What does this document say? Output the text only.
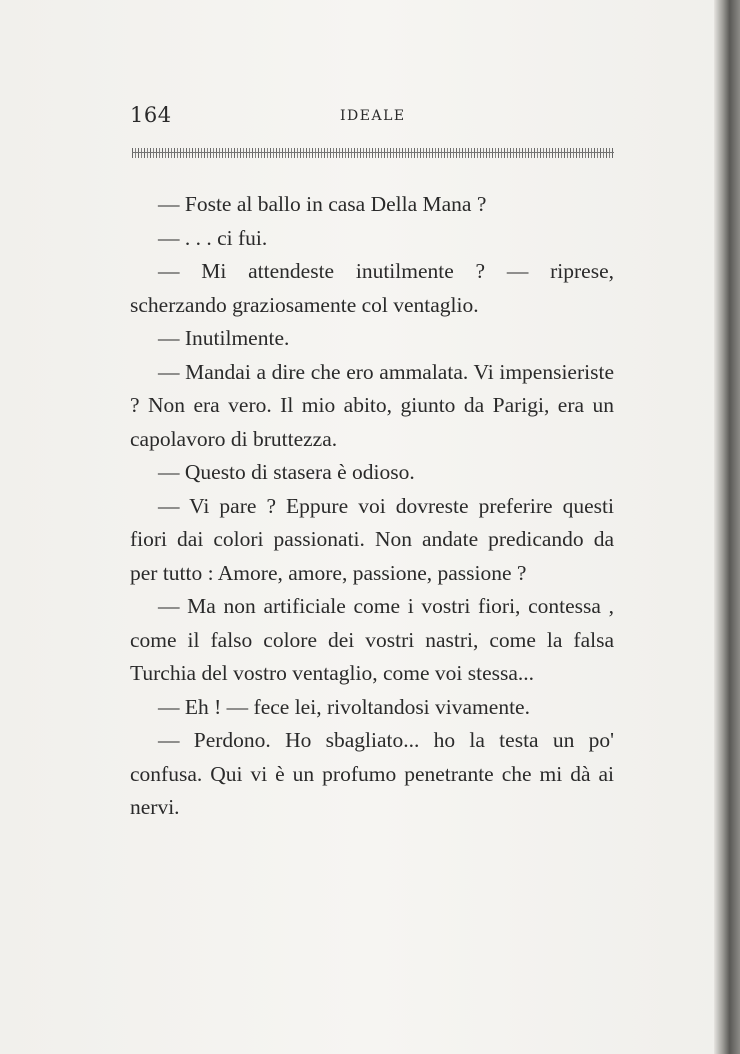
164	IDEALE

— Foste al ballo in casa Della Mana ?

— . . . ci fui.

— Mi attendeste inutilmente ? — riprese, scherzando graziosamente col ventaglio.

— Inutilmente.

— Mandai a dire che ero ammalata. Vi impensieriste ? Non era vero. Il mio abito, giunto da Parigi, era un capolavoro di bruttezza.

— Questo di stasera è odioso.

— Vi pare ? Eppure voi dovreste preferire questi fiori dai colori passionati. Non andate predicando da per tutto : Amore, amore, passione, passione ?

— Ma non artificiale come i vostri fiori, contessa , come il falso colore dei vostri nastri, come la falsa Turchia del vostro ventaglio, come voi stessa...

— Eh ! — fece lei, rivoltandosi vivamente.

— Perdono. Ho sbagliato... ho la testa un po' confusa. Qui vi è un profumo penetrante che mi dà ai nervi.
